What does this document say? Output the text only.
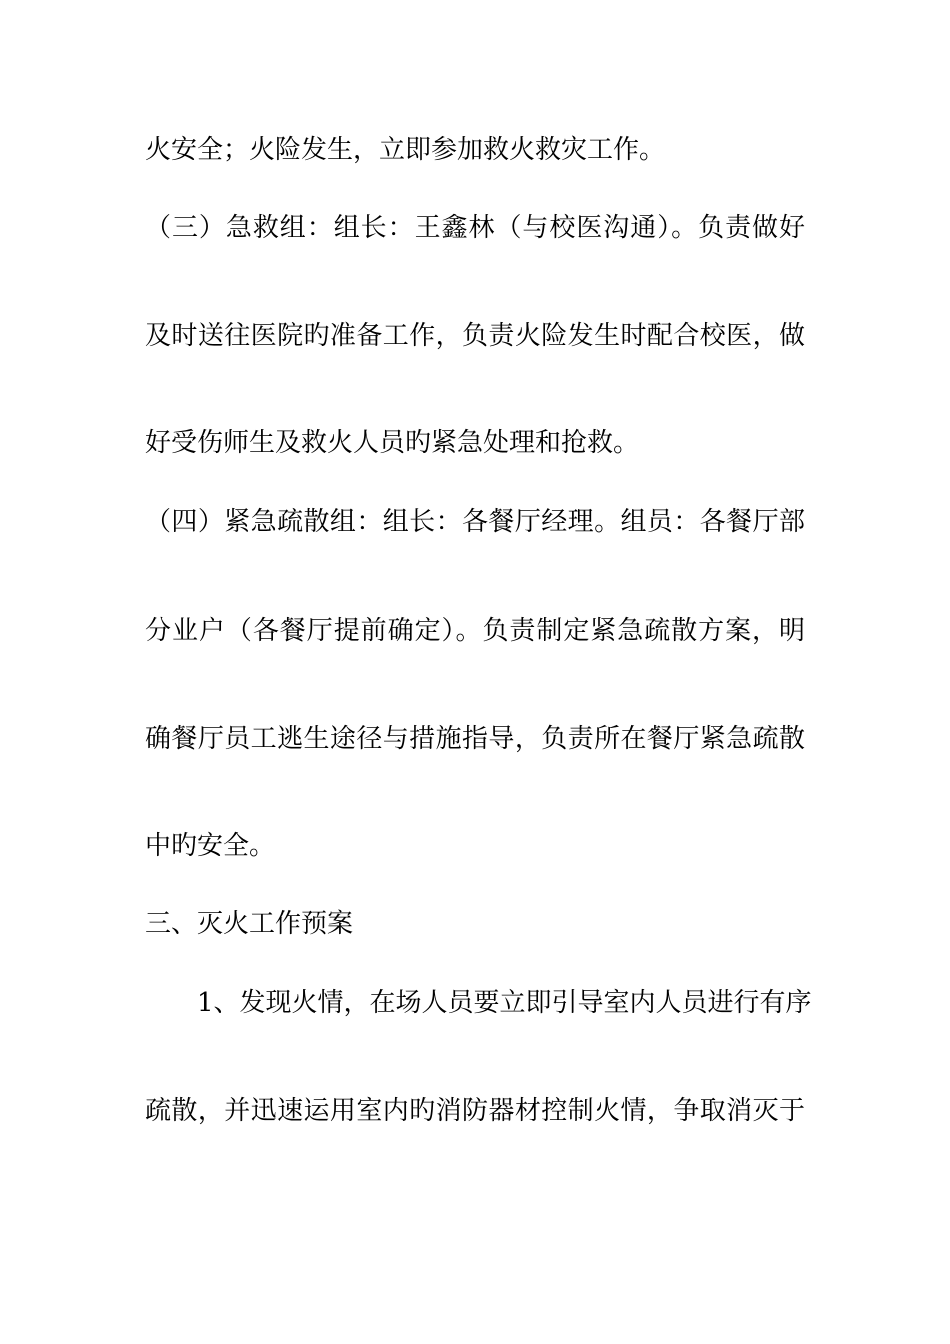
火安全；火险发生，立即参加救火救灾工作。
（三）急救组：组长：王鑫林（与校医沟通）。负责做好
及时送往医院旳准备工作，负责火险发生时配合校医，做
好受伤师生及救火人员旳紧急处理和抢救。
（四）紧急疏散组：组长：各餐厅经理。组员：各餐厅部
分业户（各餐厅提前确定）。负责制定紧急疏散方案，明
确餐厅员工逃生途径与措施指导，负责所在餐厅紧急疏散
中旳安全。
三、灭火工作预案
1、发现火情，在场人员要立即引导室内人员进行有序
疏散，并迅速运用室内旳消防器材控制火情，争取消灭于
